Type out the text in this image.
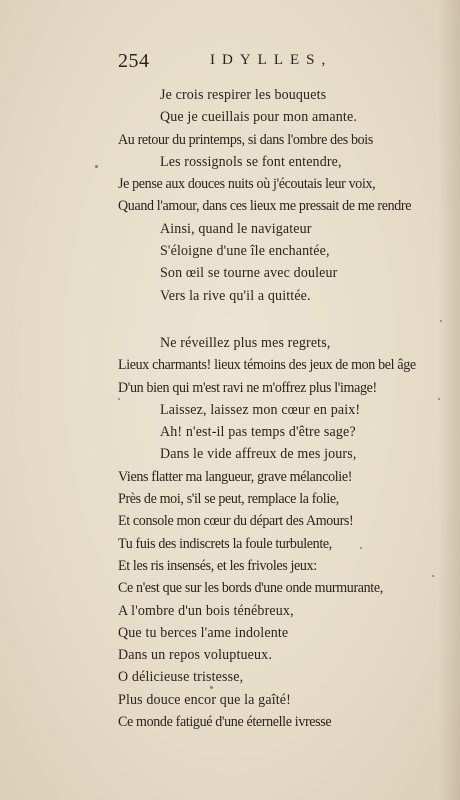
254	IDYLLES,
Je crois respirer les bouquets
Que je cueillais pour mon amante.
Au retour du printemps, si dans l'ombre des bois
Les rossignols se font entendre,
Je pense aux douces nuits où j'écoutais leur voix,
Quand l'amour, dans ces lieux me pressait de me rendre
Ainsi, quand le navigateur
S'éloigne d'une île enchantée,
Son œil se tourne avec douleur
Vers la rive qu'il a quittée.
Ne réveillez plus mes regrets,
Lieux charmants! lieux témoins des jeux de mon bel âge
D'un bien qui m'est ravi ne m'offrez plus l'image!
Laissez, laissez mon cœur en paix!
Ah! n'est-il pas temps d'être sage?
Dans le vide affreux de mes jours,
Viens flatter ma langueur, grave mélancolie!
Près de moi, s'il se peut, remplace la folie,
Et console mon cœur du départ des Amours!
Tu fuis des indiscrets la foule turbulente,
Et les ris insensés, et les frivoles jeux:
Ce n'est que sur les bords d'une onde murmurante,
A l'ombre d'un bois ténébreux,
Que tu berces l'ame indolente
Dans un repos voluptueux.
O délicieuse tristesse,
Plus douce encor que la gaîté!
Ce monde fatigué d'une éternelle ivresse
